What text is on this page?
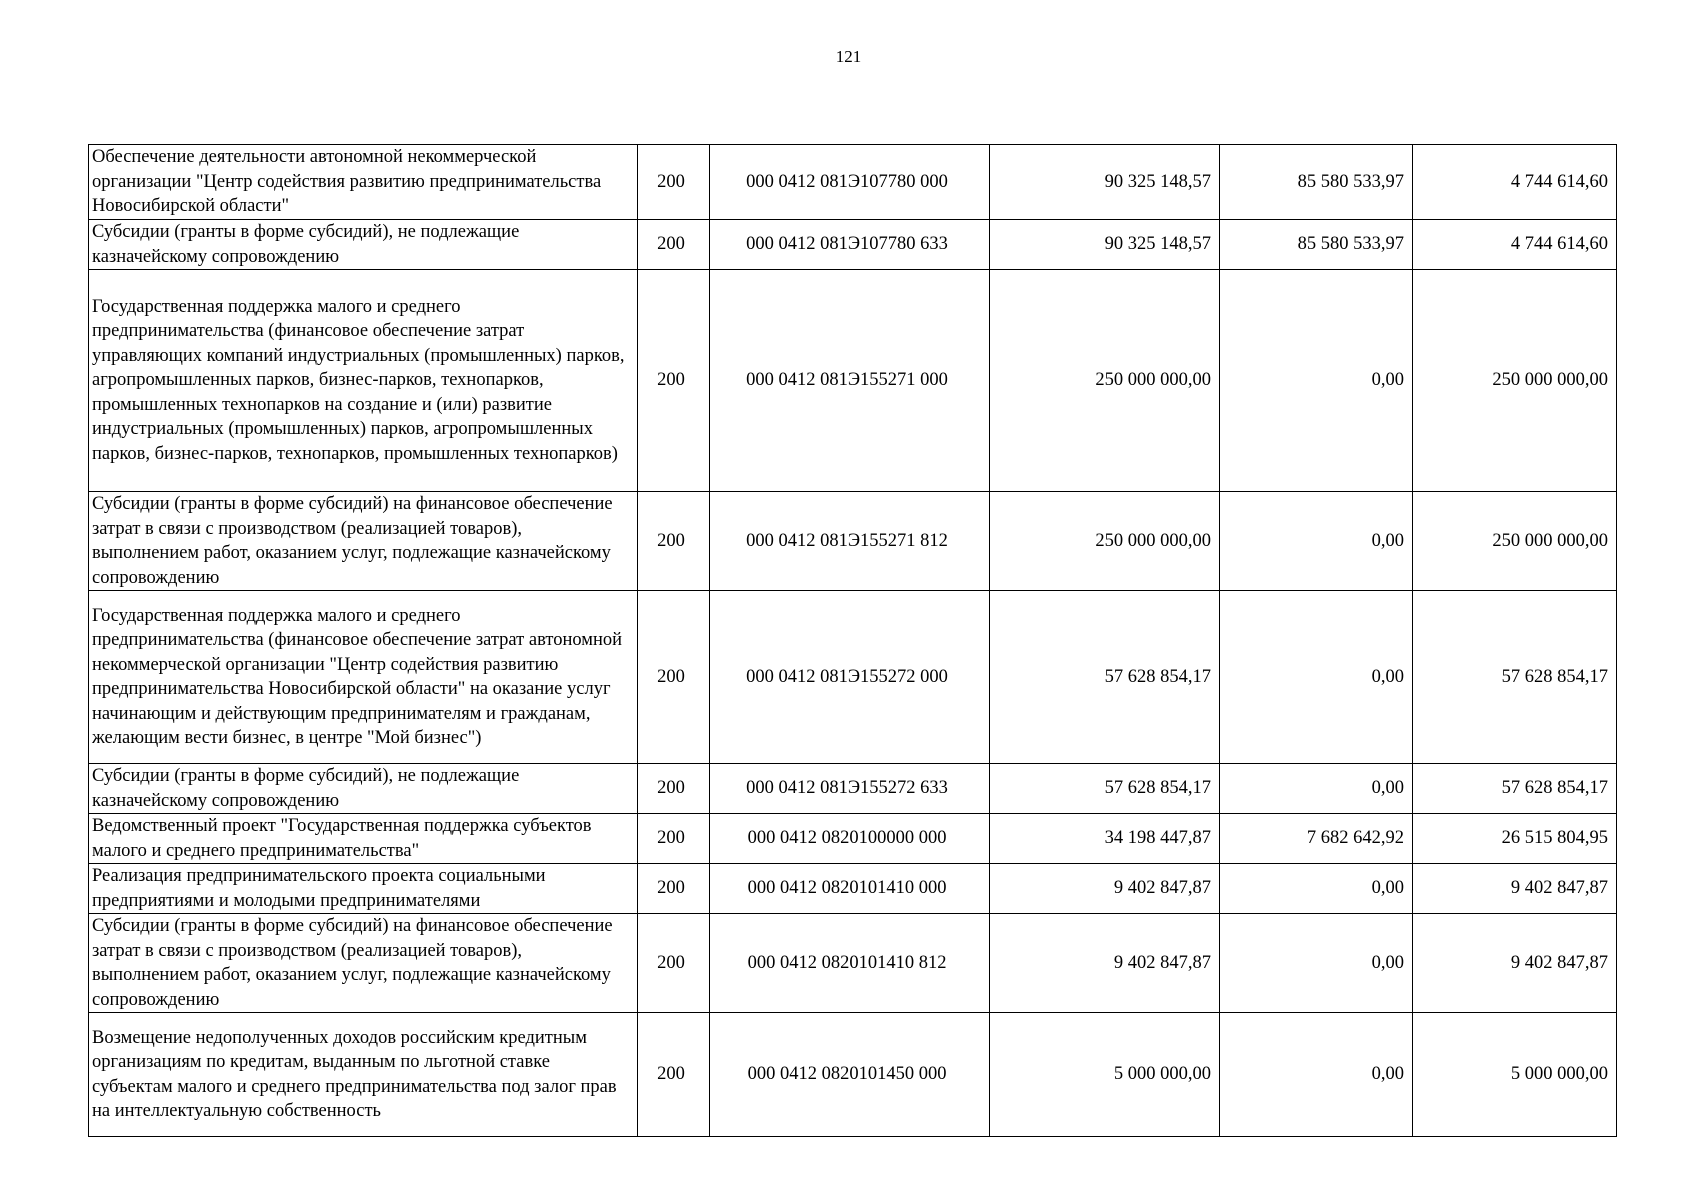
121
Обеспечение деятельности автономной некоммерческой организации "Центр содействия развитию предпринимательства Новосибирской области"	200	000 0412 081Э107780 000	90 325 148,57	85 580 533,97	4 744 614,60
Субсидии (гранты в форме субсидий), не подлежащие казначейскому сопровождению	200	000 0412 081Э107780 633	90 325 148,57	85 580 533,97	4 744 614,60
Государственная поддержка малого и среднего предпринимательства (финансовое обеспечение затрат управляющих компаний индустриальных (промышленных) парков, агропромышленных парков, бизнес-парков, технопарков, промышленных технопарков на создание и (или) развитие индустриальных (промышленных) парков, агропромышленных парков, бизнес-парков, технопарков, промышленных технопарков)	200	000 0412 081Э155271 000	250 000 000,00	0,00	250 000 000,00
Субсидии (гранты в форме субсидий) на финансовое обеспечение затрат в связи с производством (реализацией товаров), выполнением работ, оказанием услуг, подлежащие казначейскому сопровождению	200	000 0412 081Э155271 812	250 000 000,00	0,00	250 000 000,00
Государственная поддержка малого и среднего предпринимательства (финансовое обеспечение затрат автономной некоммерческой организации "Центр содействия развитию предпринимательства Новосибирской области" на оказание услуг начинающим и действующим предпринимателям и гражданам, желающим вести бизнес, в центре "Мой бизнес")	200	000 0412 081Э155272 000	57 628 854,17	0,00	57 628 854,17
Субсидии (гранты в форме субсидий), не подлежащие казначейскому сопровождению	200	000 0412 081Э155272 633	57 628 854,17	0,00	57 628 854,17
Ведомственный проект "Государственная поддержка субъектов малого и среднего предпринимательства"	200	000 0412 0820100000 000	34 198 447,87	7 682 642,92	26 515 804,95
Реализация предпринимательского проекта социальными предприятиями и молодыми предпринимателями	200	000 0412 0820101410 000	9 402 847,87	0,00	9 402 847,87
Субсидии (гранты в форме субсидий) на финансовое обеспечение затрат в связи с производством (реализацией товаров), выполнением работ, оказанием услуг, подлежащие казначейскому сопровождению	200	000 0412 0820101410 812	9 402 847,87	0,00	9 402 847,87
Возмещение недополученных доходов российским кредитным организациям по кредитам, выданным по льготной ставке субъектам малого и среднего предпринимательства под залог прав на интеллектуальную собственность	200	000 0412 0820101450 000	5 000 000,00	0,00	5 000 000,00
